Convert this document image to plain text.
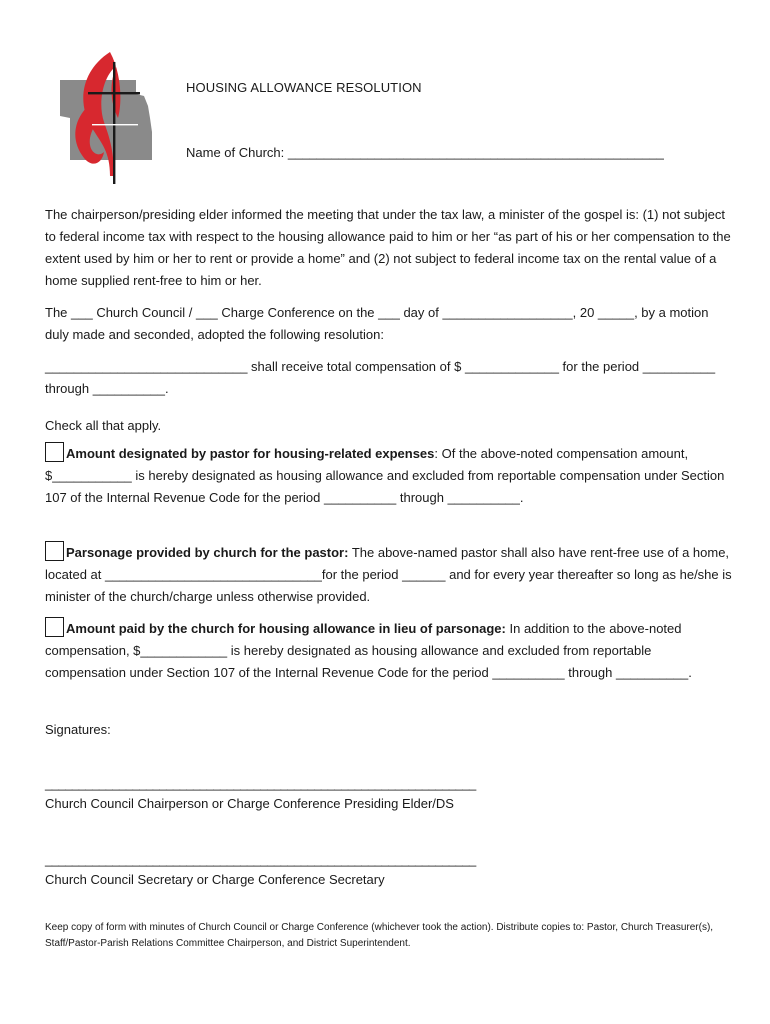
HOUSING ALLOWANCE RESOLUTION
Name of Church: ____________________________________________________
The chairperson/presiding elder informed the meeting that under the tax law, a minister of the gospel is: (1) not subject to federal income tax with respect to the housing allowance paid to him or her “as part of his or her compensation to the extent used by him or her to rent or provide a home” and (2) not subject to federal income tax on the rental value of a home supplied rent-free to him or her.
The ___ Church Council / ___ Charge Conference on the ___ day of __________________, 20 _____, by a motion duly made and seconded, adopted the following resolution:
____________________________ shall receive total compensation of $ _____________ for the period __________ through __________.
Check all that apply.
Amount designated by pastor for housing-related expenses: Of the above-noted compensation amount, $___________ is hereby designated as housing allowance and excluded from reportable compensation under Section 107 of the Internal Revenue Code for the period __________ through __________.
Parsonage provided by church for the pastor: The above-named pastor shall also have rent-free use of a home, located at ______________________________for the period ______ and for every year thereafter so long as he/she is minister of the church/charge unless otherwise provided.
Amount paid by the church for housing allowance in lieu of parsonage: In addition to the above-noted compensation, $____________ is hereby designated as housing allowance and excluded from reportable compensation under Section 107 of the Internal Revenue Code for the period __________ through __________.
Signatures:
________________________________________________________________
Church Council Chairperson or Charge Conference Presiding Elder/DS
________________________________________________________________
Church Council Secretary or Charge Conference Secretary
Keep copy of form with minutes of Church Council or Charge Conference (whichever took the action). Distribute copies to: Pastor, Church Treasurer(s), Staff/Pastor-Parish Relations Committee Chairperson, and District Superintendent.
